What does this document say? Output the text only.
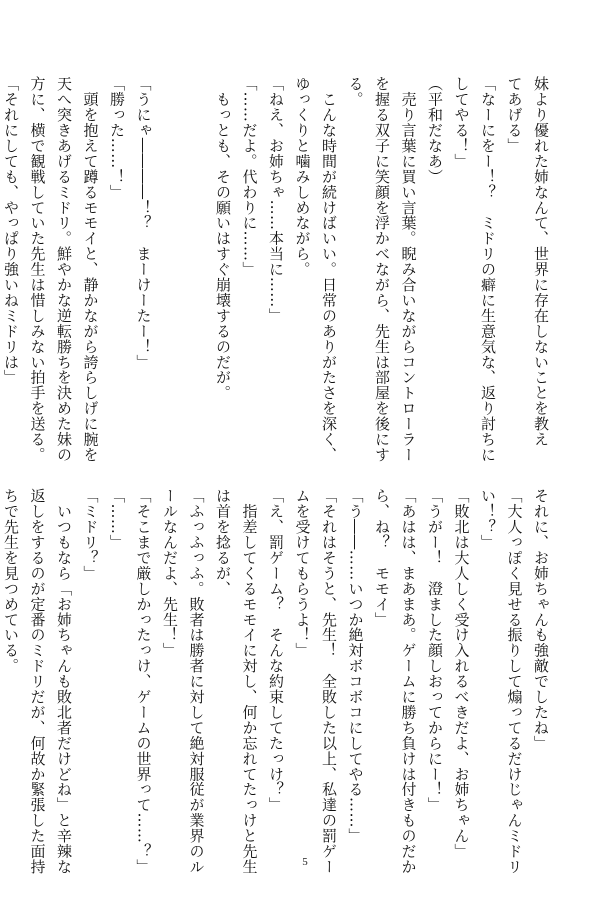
妹より優れた姉なんて、世界に存在しないことを教え
てあげる」
「なーにをー！？　ミドリの癖に生意気な、返り討ちに
してやる！」
（平和だなあ）
　売り言葉に買い言葉。睨み合いながらコントローラー
を握る双子に笑顔を浮かべながら、先生は部屋を後にす
る。
　こんな時間が続けばいい。日常のありがたさを深く、
ゆっくりと噛みしめながら。
「ねえ、お姉ちゃ……本当に……」
「……だよ。代わりに……」
　もっとも、その願いはすぐ崩壊するのだが。

「うにゃ――――！？　まーけーたー！」
「勝った……！」
　頭を抱えて蹲るモモイと、静かながら誇らしげに腕を
天へ突きあげるミドリ。鮮やかな逆転勝ちを決めた妹の
方に、横で観戦していた先生は惜しみない拍手を送る。
「それにしても、やっぱり強いねミドリは」
それに、お姉ちゃんも強敵でしたね」
「大人っぽく見せる振りして煽ってるだけじゃんミドリ
い！？」
「敗北は大人しく受け入れるべきだよ、お姉ちゃん」
「うがー！　澄ました顔しおってからにー！」
「あはは、まあまあ。ゲームに勝ち負けは付きものだか
ら、ね？　モモイ」
「う――……いつか絶対ボコボコにしてやる……」
「それはそうと、先生！　全敗した以上、私達の罰ゲー
ムを受けてもらうよ！」
「え、罰ゲーム？　そんな約束してたっけ？」
　指差してくるモモイに対し、何か忘れてたっけと先生
は首を捻るが、
「ふっふっふ。敗者は勝者に対して絶対服従が業界のル
ールなんだよ、先生！」
「そこまで厳しかったっけ、ゲームの世界って……？」
「……」
「ミドリ？」
　いつもなら「お姉ちゃんも敗北者だけどね」と辛辣な
返しをするのが定番のミドリだが、何故か緊張した面持
ちで先生を見つめている。
5
